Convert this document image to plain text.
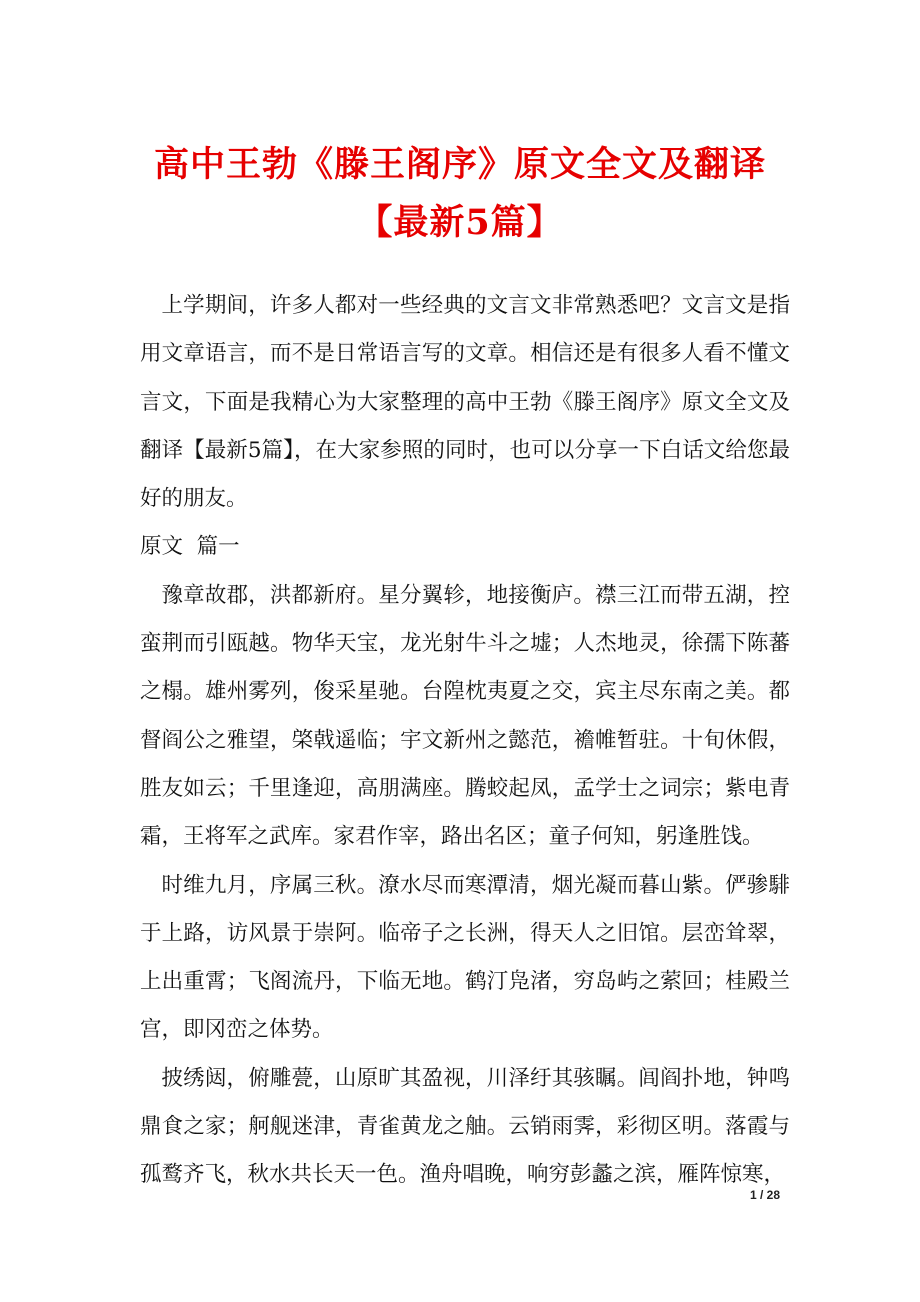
高中王勃《滕王阁序》原文全文及翻译【最新5篇】

上学期间，许多人都对一些经典的文言文非常熟悉吧？文言文是指用文章语言，而不是日常语言写的文章。相信还是有很多人看不懂文言文，下面是我精心为大家整理的高中王勃《滕王阁序》原文全文及翻译【最新5篇】，在大家参照的同时，也可以分享一下白话文给您最好的朋友。

原文  篇一

豫章故郡，洪都新府。星分翼轸，地接衡庐。襟三江而带五湖，控蛮荆而引瓯越。物华天宝，龙光射牛斗之墟；人杰地灵，徐孺下陈蕃之榻。雄州雾列，俊采星驰。台隍枕夷夏之交，宾主尽东南之美。都督阎公之雅望，棨戟遥临；宇文新州之懿范，襜帷暂驻。十旬休假，胜友如云；千里逢迎，高朋满座。腾蛟起凤，孟学士之词宗；紫电青霜，王将军之武库。家君作宰，路出名区；童子何知，躬逢胜饯。

时维九月，序属三秋。潦水尽而寒潭清，烟光凝而暮山紫。俨骖騑于上路，访风景于崇阿。临帝子之长洲，得天人之旧馆。层峦耸翠，上出重霄；飞阁流丹，下临无地。鹤汀凫渚，穷岛屿之萦回；桂殿兰宫，即冈峦之体势。

披绣闼，俯雕甍，山原旷其盈视，川泽纡其骇瞩。闾阎扑地，钟鸣鼎食之家；舸舰迷津，青雀黄龙之舳。云销雨霁，彩彻区明。落霞与孤鹜齐飞，秋水共长天一色。渔舟唱晚，响穷彭蠡之滨，雁阵惊寒，

1 / 28
